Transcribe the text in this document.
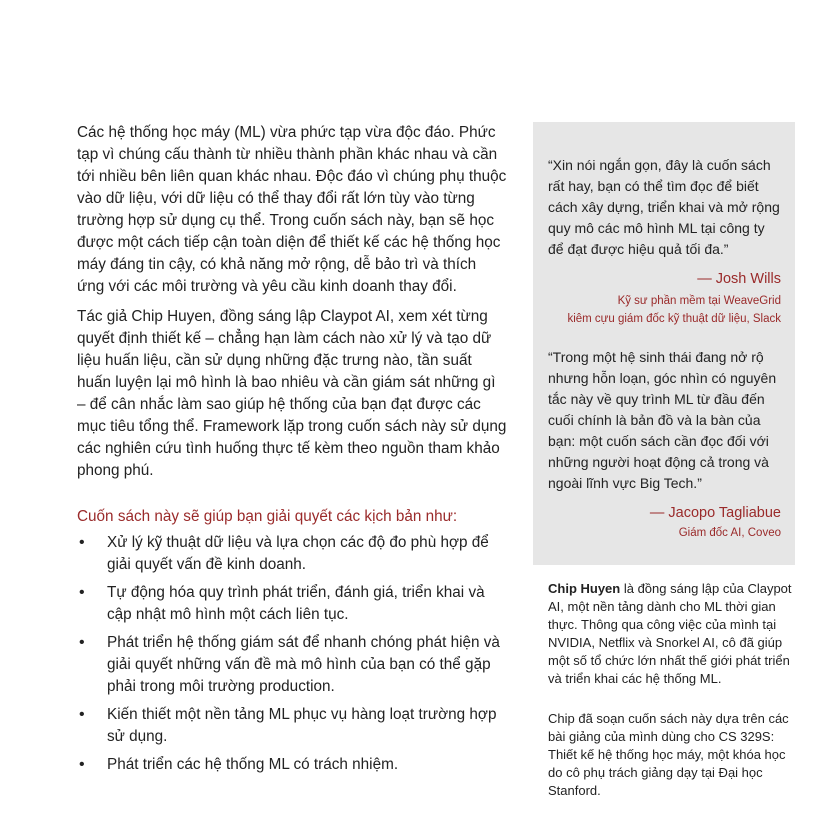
Các hệ thống học máy (ML) vừa phức tạp vừa độc đáo. Phức tạp vì chúng cấu thành từ nhiều thành phần khác nhau và cần tới nhiều bên liên quan khác nhau. Độc đáo vì chúng phụ thuộc vào dữ liệu, với dữ liệu có thể thay đổi rất lớn tùy vào từng trường hợp sử dụng cụ thể. Trong cuốn sách này, bạn sẽ học được một cách tiếp cận toàn diện để thiết kế các hệ thống học máy đáng tin cậy, có khả năng mở rộng, dễ bảo trì và thích ứng với các môi trường và yêu cầu kinh doanh thay đổi.

Tác giả Chip Huyen, đồng sáng lập Claypot AI, xem xét từng quyết định thiết kế – chẳng hạn làm cách nào xử lý và tạo dữ liệu huấn liệu, cần sử dụng những đặc trưng nào, tần suất huấn luyện lại mô hình là bao nhiêu và cần giám sát những gì – để cân nhắc làm sao giúp hệ thống của bạn đạt được các mục tiêu tổng thể. Framework lặp trong cuốn sách này sử dụng các nghiên cứu tình huống thực tế kèm theo nguồn tham khảo phong phú.

Cuốn sách này sẽ giúp bạn giải quyết các kịch bản như:
• Xử lý kỹ thuật dữ liệu và lựa chọn các độ đo phù hợp để giải quyết vấn đề kinh doanh.
• Tự động hóa quy trình phát triển, đánh giá, triển khai và cập nhật mô hình một cách liên tục.
• Phát triển hệ thống giám sát để nhanh chóng phát hiện và giải quyết những vấn đề mà mô hình của bạn có thể gặp phải trong môi trường production.
• Kiến thiết một nền tảng ML phục vụ hàng loạt trường hợp sử dụng.
• Phát triển các hệ thống ML có trách nhiệm.
“Xin nói ngắn gọn, đây là cuốn sách rất hay, bạn có thể tìm đọc để biết cách xây dựng, triển khai và mở rộng quy mô các mô hình ML tại công ty để đạt được hiệu quả tối đa.”
— Josh Wills
Kỹ sư phần mềm tại WeaveGrid
kiêm cựu giám đốc kỹ thuật dữ liệu, Slack
“Trong một hệ sinh thái đang nở rộ nhưng hỗn loạn, góc nhìn có nguyên tắc này về quy trình ML từ đầu đến cuối chính là bản đồ và la bàn của bạn: một cuốn sách cần đọc đối với những người hoạt động cả trong và ngoài lĩnh vực Big Tech.”
— Jacopo Tagliabue
Giám đốc AI, Coveo
Chip Huyen là đồng sáng lập của Claypot AI, một nền tảng dành cho ML thời gian thực. Thông qua công việc của mình tại NVIDIA, Netflix và Snorkel AI, cô đã giúp một số tổ chức lớn nhất thế giới phát triển và triển khai các hệ thống ML.
Chip đã soạn cuốn sách này dựa trên các bài giảng của mình dùng cho CS 329S: Thiết kế hệ thống học máy, một khóa học do cô phụ trách giảng dạy tại Đại học Stanford.
